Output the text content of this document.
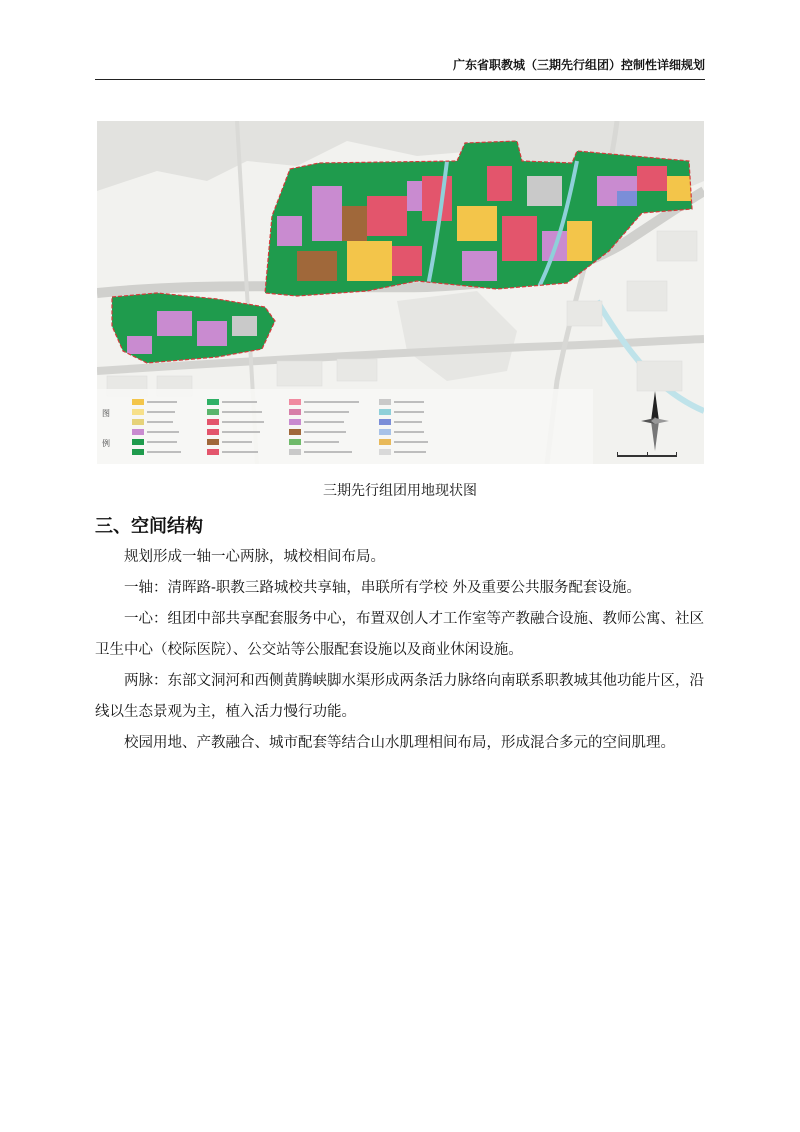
广东省职教城（三期先行组团）控制性详细规划
图
例
三期先行组团用地现状图
三、空间结构

规划形成一轴一心两脉，城校相间布局。

一轴：清晖路-职教三路城校共享轴，串联所有学校 外及重要公共服务配套设施。

一心：组团中部共享配套服务中心，布置双创人才工作室等产教融合设施、教师公寓、社区卫生中心（校际医院）、公交站等公服配套设施以及商业休闲设施。

两脉：东部文洞河和西侧黄腾峡脚水渠形成两条活力脉络向南联系职教城其他功能片区，沿线以生态景观为主，植入活力慢行功能。

校园用地、产教融合、城市配套等结合山水肌理相间布局，形成混合多元的空间肌理。
